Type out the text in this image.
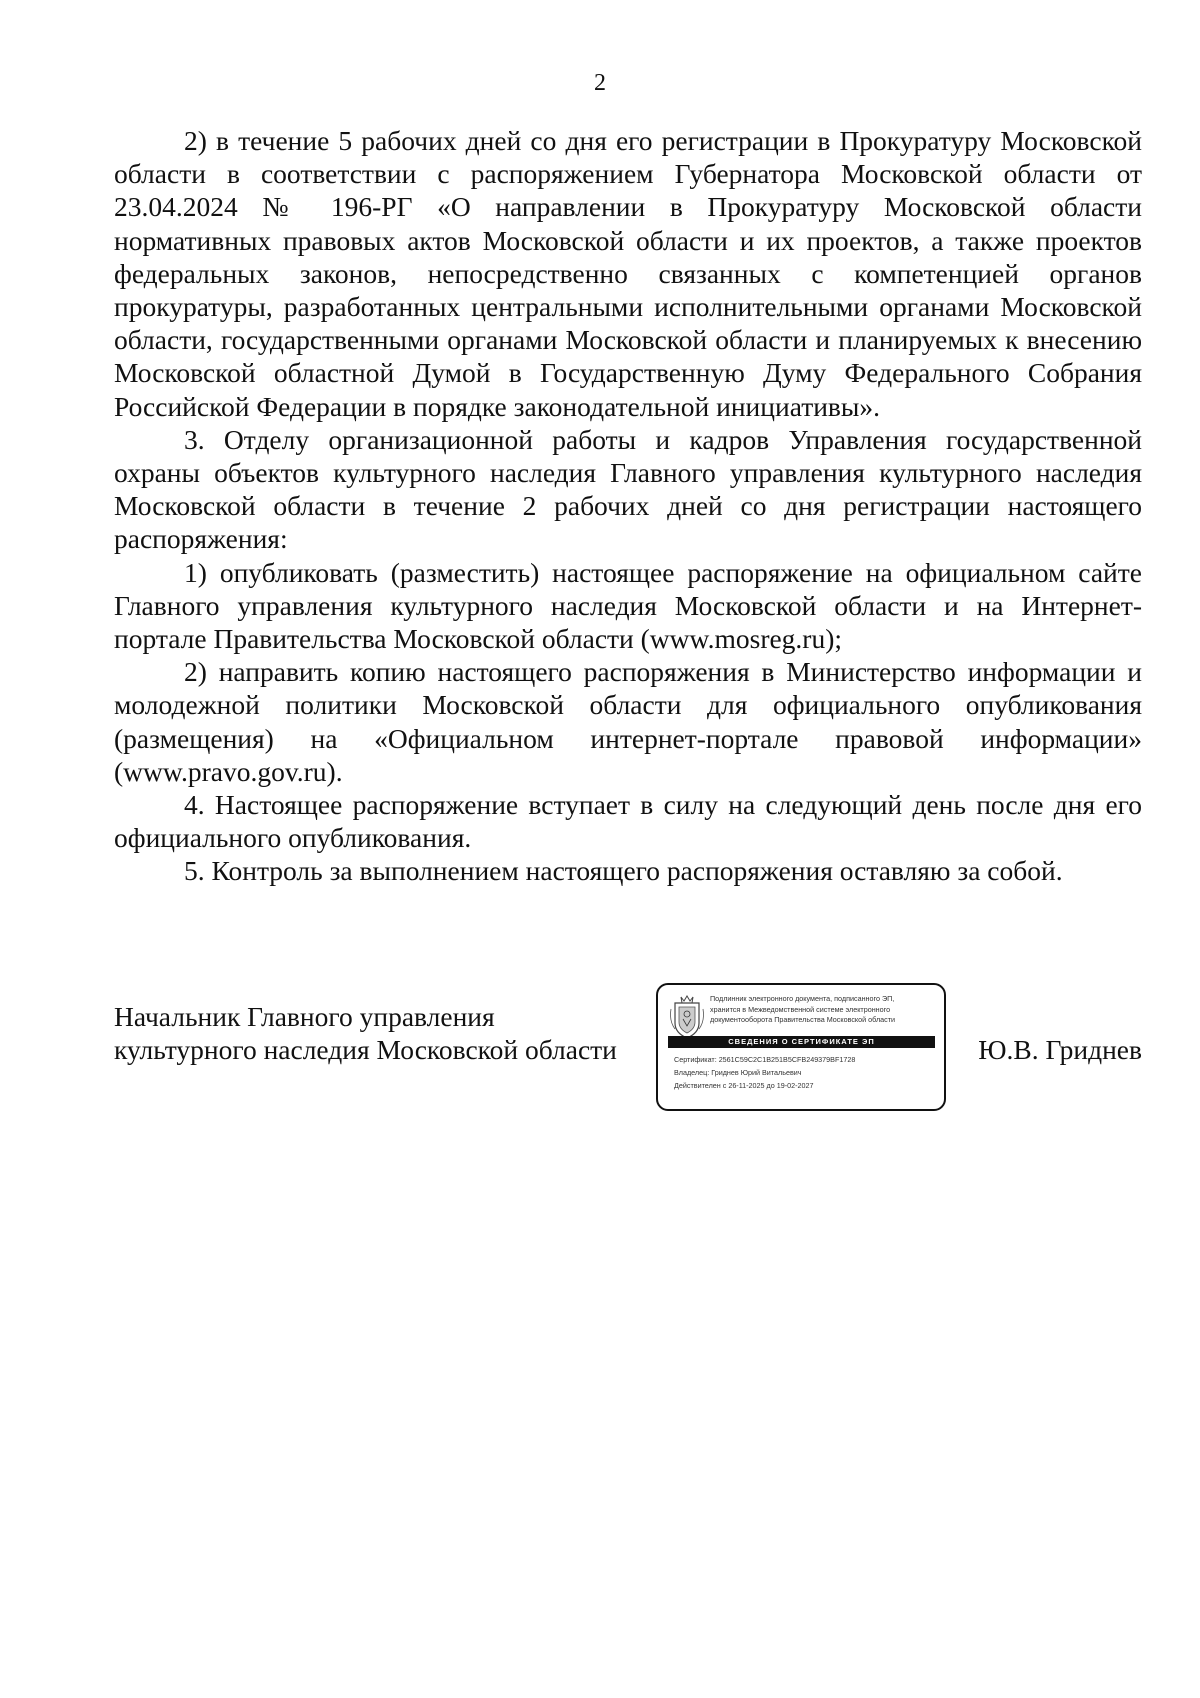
2

2) в течение 5 рабочих дней со дня его регистрации в Прокуратуру Московской области в соответствии с распоряжением Губернатора Московской области от 23.04.2024 № 196-РГ «О направлении в Прокуратуру Московской области нормативных правовых актов Московской области и их проектов, а также проектов федеральных законов, непосредственно связанных с компетенцией органов прокуратуры, разработанных центральными исполнительными органами Московской области, государственными органами Московской области и планируемых к внесению Московской областной Думой в Государственную Думу Федерального Собрания Российской Федерации в порядке законодательной инициативы».

3. Отделу организационной работы и кадров Управления государственной охраны объектов культурного наследия Главного управления культурного наследия Московской области в течение 2 рабочих дней со дня регистрации настоящего распоряжения:

1) опубликовать (разместить) настоящее распоряжение на официальном сайте Главного управления культурного наследия Московской области и на Интернет-портале Правительства Московской области (www.mosreg.ru);

2) направить копию настоящего распоряжения в Министерство информации и молодежной политики Московской области для официального опубликования (размещения) на «Официальном интернет-портале правовой информации» (www.pravo.gov.ru).

4. Настоящее распоряжение вступает в силу на следующий день после дня его официального опубликования.

5. Контроль за выполнением настоящего распоряжения оставляю за собой.

Начальник Главного управления
культурного наследия Московской области
Подлинник электронного документа, подписанного ЭП,
хранится в Межведомственной системе электронного
документооборота Правительства Московской области
СВЕДЕНИЯ О СЕРТИФИКАТЕ ЭП
Сертификат: 2561C59C2C1B251B5CFB249379BF1728
Владелец: Гриднев Юрий Витальевич
Действителен с 26-11-2025 до 19-02-2027
Ю.В. Гриднев
